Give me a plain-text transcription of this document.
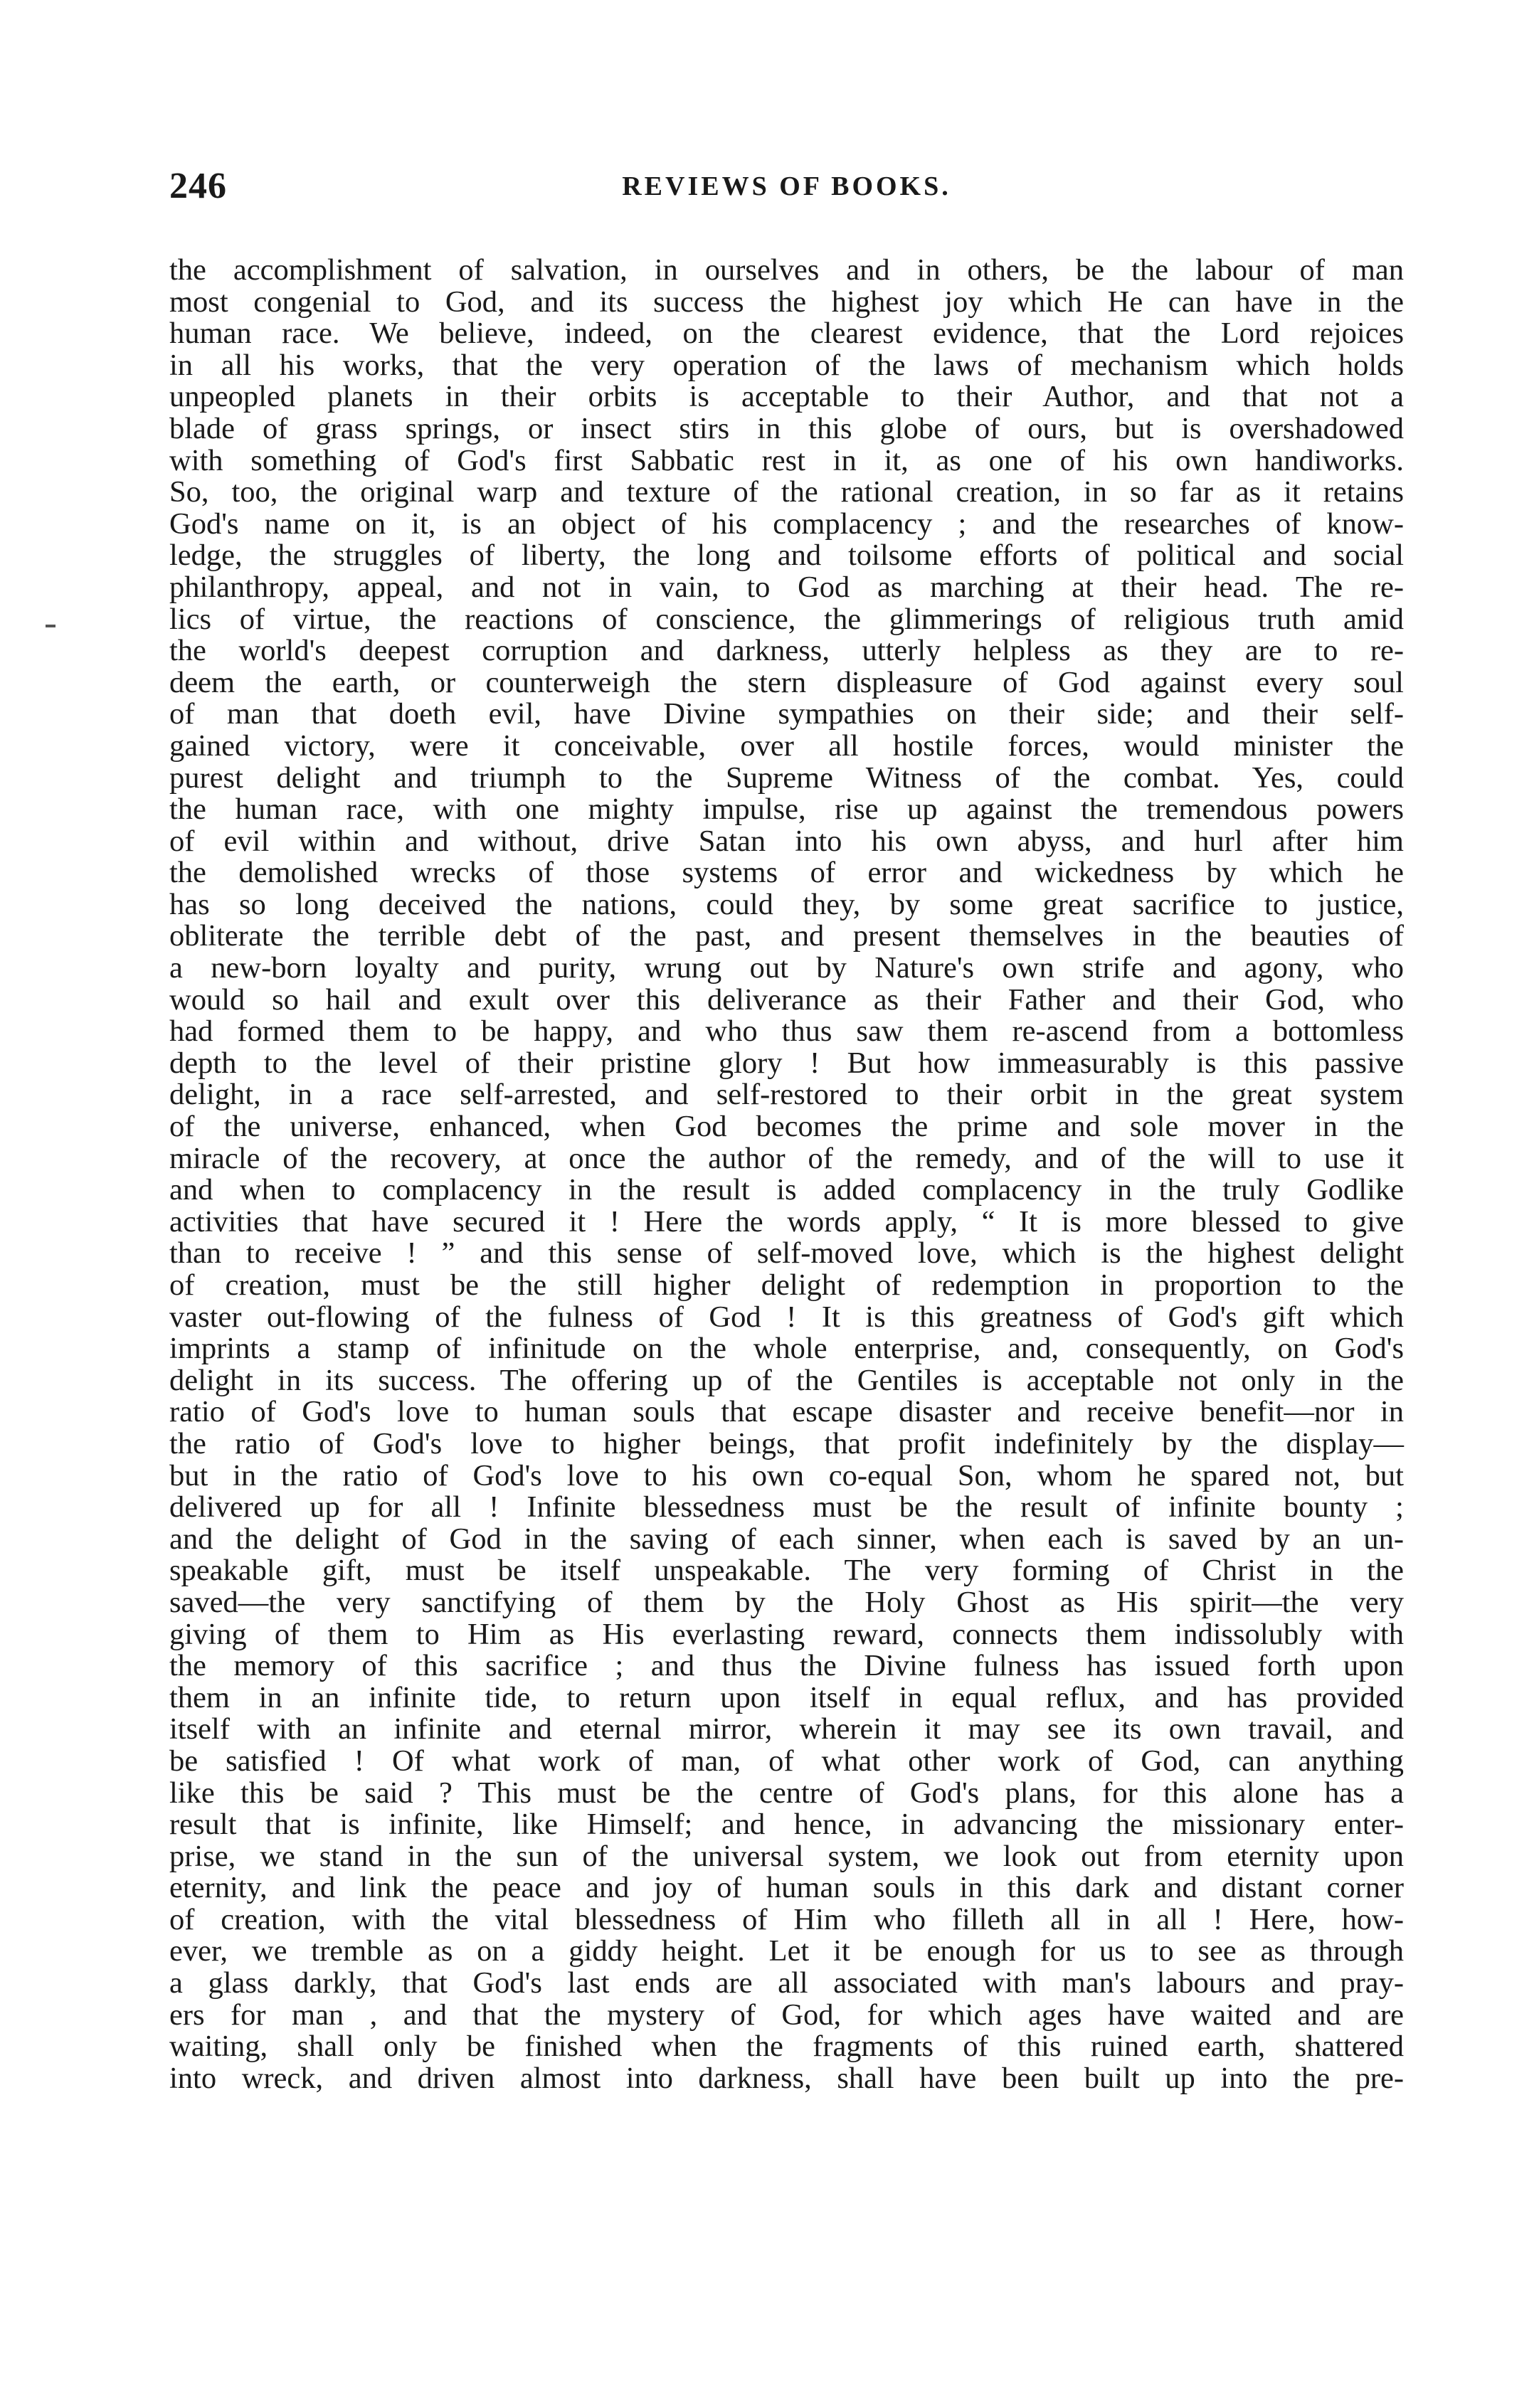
246	REVIEWS OF BOOKS.
the accomplishment of salvation, in ourselves and in others, be the labour of man
most congenial to God, and its success the highest joy which He can have in the
human race. We believe, indeed, on the clearest evidence, that the Lord rejoices
in all his works, that the very operation of the laws of mechanism which holds
unpeopled planets in their orbits is acceptable to their Author, and that not a
blade of grass springs, or insect stirs in this globe of ours, but is overshadowed
with something of God's first Sabbatic rest in it, as one of his own handiworks.
So, too, the original warp and texture of the rational creation, in so far as it retains
God's name on it, is an object of his complacency ; and the researches of know-
ledge, the struggles of liberty, the long and toilsome efforts of political and social
philanthropy, appeal, and not in vain, to God as marching at their head. The re-
lics of virtue, the reactions of conscience, the glimmerings of religious truth amid
the world's deepest corruption and darkness, utterly helpless as they are to re-
deem the earth, or counterweigh the stern displeasure of God against every soul
of man that doeth evil, have Divine sympathies on their side; and their self-
gained victory, were it conceivable, over all hostile forces, would minister the
purest delight and triumph to the Supreme Witness of the combat. Yes, could
the human race, with one mighty impulse, rise up against the tremendous powers
of evil within and without, drive Satan into his own abyss, and hurl after him
the demolished wrecks of those systems of error and wickedness by which he
has so long deceived the nations, could they, by some great sacrifice to justice,
obliterate the terrible debt of the past, and present themselves in the beauties of
a new-born loyalty and purity, wrung out by Nature's own strife and agony, who
would so hail and exult over this deliverance as their Father and their God, who
had formed them to be happy, and who thus saw them re-ascend from a bottomless
depth to the level of their pristine glory ! But how immeasurably is this passive
delight, in a race self-arrested, and self-restored to their orbit in the great system
of the universe, enhanced, when God becomes the prime and sole mover in the
miracle of the recovery, at once the author of the remedy, and of the will to use it
and when to complacency in the result is added complacency in the truly Godlike
activities that have secured it ! Here the words apply, “ It is more blessed to give
than to receive ! ” and this sense of self-moved love, which is the highest delight
of creation, must be the still higher delight of redemption in proportion to the
vaster out-flowing of the fulness of God ! It is this greatness of God's gift which
imprints a stamp of infinitude on the whole enterprise, and, consequently, on God's
delight in its success. The offering up of the Gentiles is acceptable not only in the
ratio of God's love to human souls that escape disaster and receive benefit—nor in
the ratio of God's love to higher beings, that profit indefinitely by the display—
but in the ratio of God's love to his own co-equal Son, whom he spared not, but
delivered up for all ! Infinite blessedness must be the result of infinite bounty ;
and the delight of God in the saving of each sinner, when each is saved by an un-
speakable gift, must be itself unspeakable. The very forming of Christ in the
saved—the very sanctifying of them by the Holy Ghost as His spirit—the very
giving of them to Him as His everlasting reward, connects them indissolubly with
the memory of this sacrifice ; and thus the Divine fulness has issued forth upon
them in an infinite tide, to return upon itself in equal reflux, and has provided
itself with an infinite and eternal mirror, wherein it may see its own travail, and
be satisfied ! Of what work of man, of what other work of God, can anything
like this be said ? This must be the centre of God's plans, for this alone has a
result that is infinite, like Himself; and hence, in advancing the missionary enter-
prise, we stand in the sun of the universal system, we look out from eternity upon
eternity, and link the peace and joy of human souls in this dark and distant corner
of creation, with the vital blessedness of Him who filleth all in all ! Here, how-
ever, we tremble as on a giddy height. Let it be enough for us to see as through
a glass darkly, that God's last ends are all associated with man's labours and pray-
ers for man , and that the mystery of God, for which ages have waited and are
waiting, shall only be finished when the fragments of this ruined earth, shattered
into wreck, and driven almost into darkness, shall have been built up into the pre-
